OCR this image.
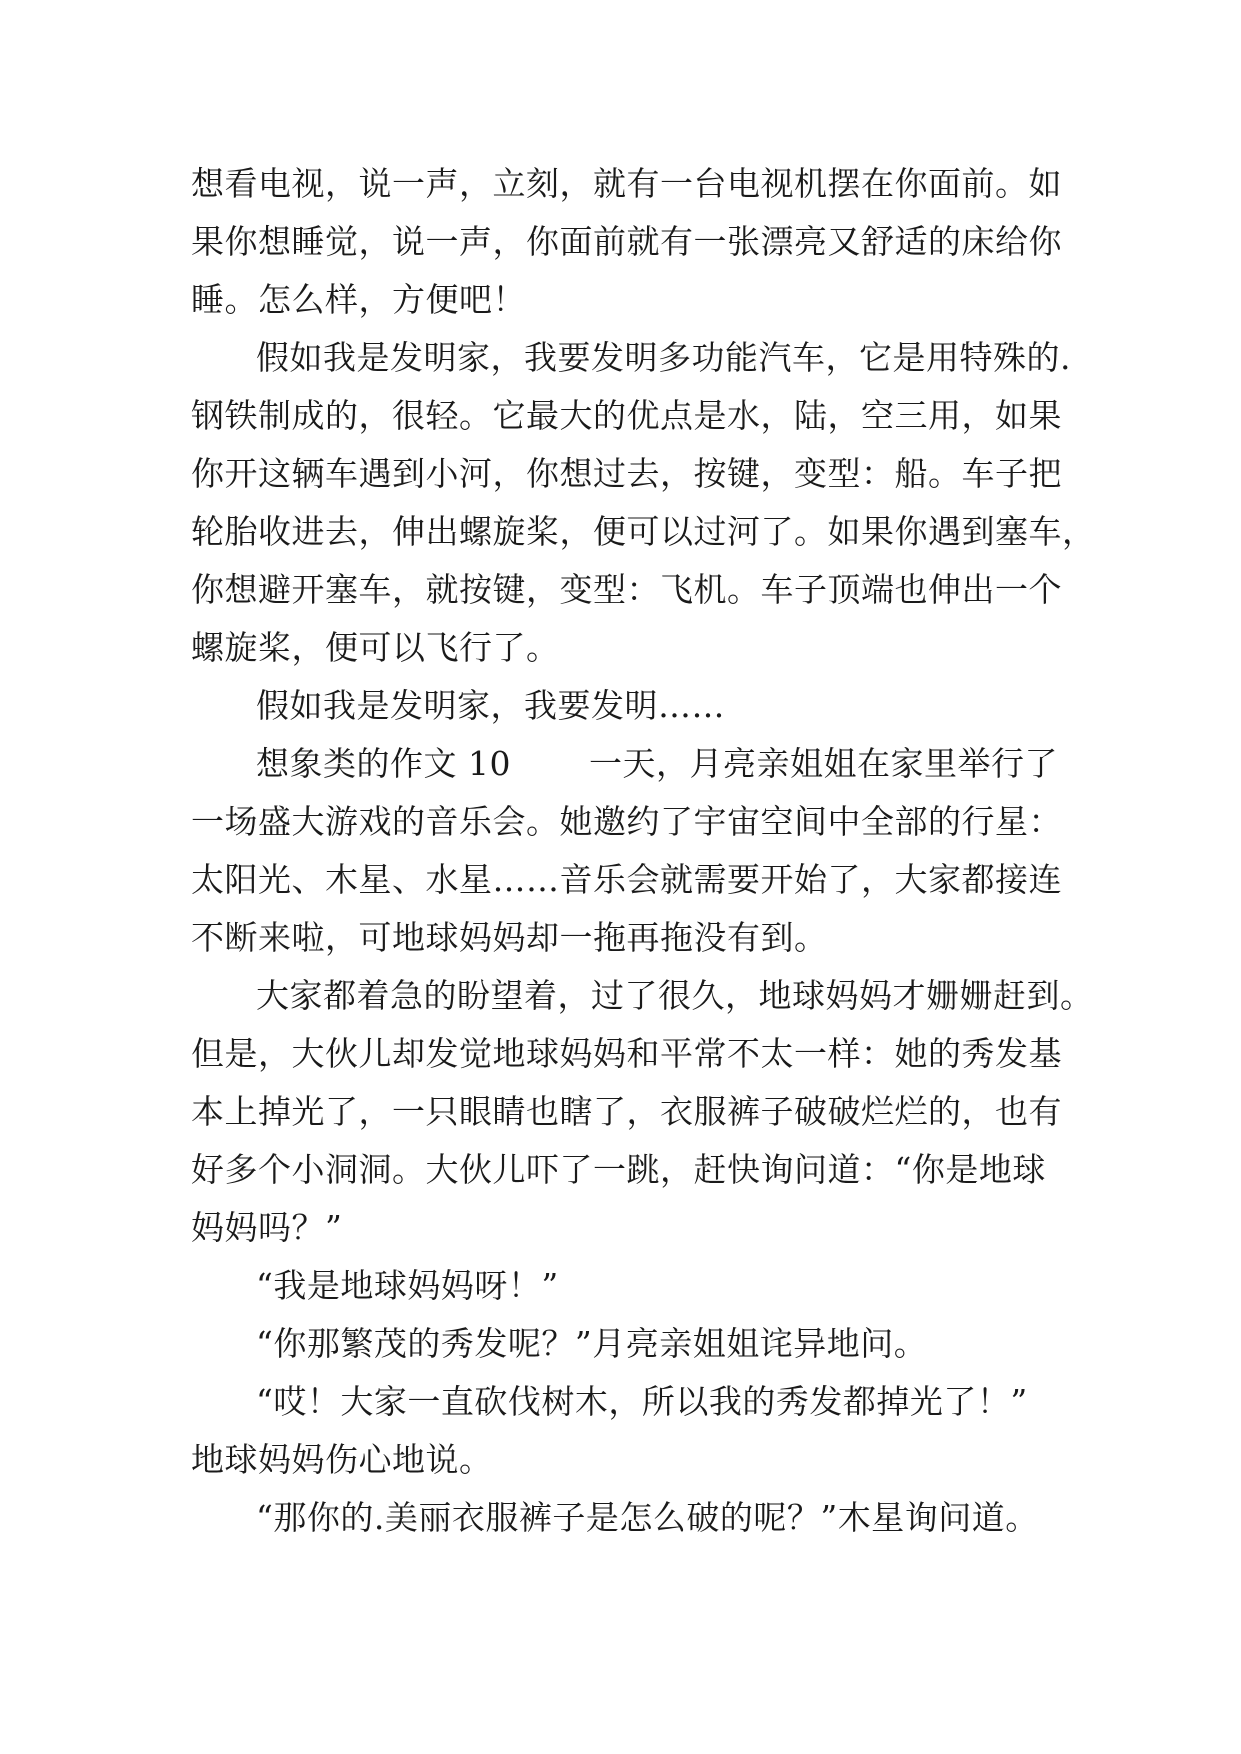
想看电视，说一声，立刻，就有一台电视机摆在你面前。如
果你想睡觉，说一声，你面前就有一张漂亮又舒适的床给你
睡。怎么样，方便吧！
假如我是发明家，我要发明多功能汽车，它是用特殊的.
钢铁制成的，很轻。它最大的优点是水，陆，空三用，如果
你开这辆车遇到小河，你想过去，按键，变型：船。车子把
轮胎收进去，伸出螺旋桨，便可以过河了。如果你遇到塞车，
你想避开塞车，就按键，变型：飞机。车子顶端也伸出一个
螺旋桨，便可以飞行了。
假如我是发明家，我要发明……
想象类的作文 10　　 一天，月亮亲姐姐在家里举行了
一场盛大游戏的音乐会。她邀约了宇宙空间中全部的行星：
太阳光、木星、水星……音乐会就需要开始了，大家都接连
不断来啦，可地球妈妈却一拖再拖没有到。
大家都着急的盼望着，过了很久，地球妈妈才姗姗赶到。
但是，大伙儿却发觉地球妈妈和平常不太一样：她的秀发基
本上掉光了，一只眼睛也瞎了，衣服裤子破破烂烂的，也有
好多个小洞洞。大伙儿吓了一跳，赶快询问道：“你是地球
妈妈吗？”
“我是地球妈妈呀！”
“你那繁茂的秀发呢？”月亮亲姐姐诧异地问。
“哎！大家一直砍伐树木，所以我的秀发都掉光了！”
地球妈妈伤心地说。
“那你的.美丽衣服裤子是怎么破的呢？”木星询问道。
